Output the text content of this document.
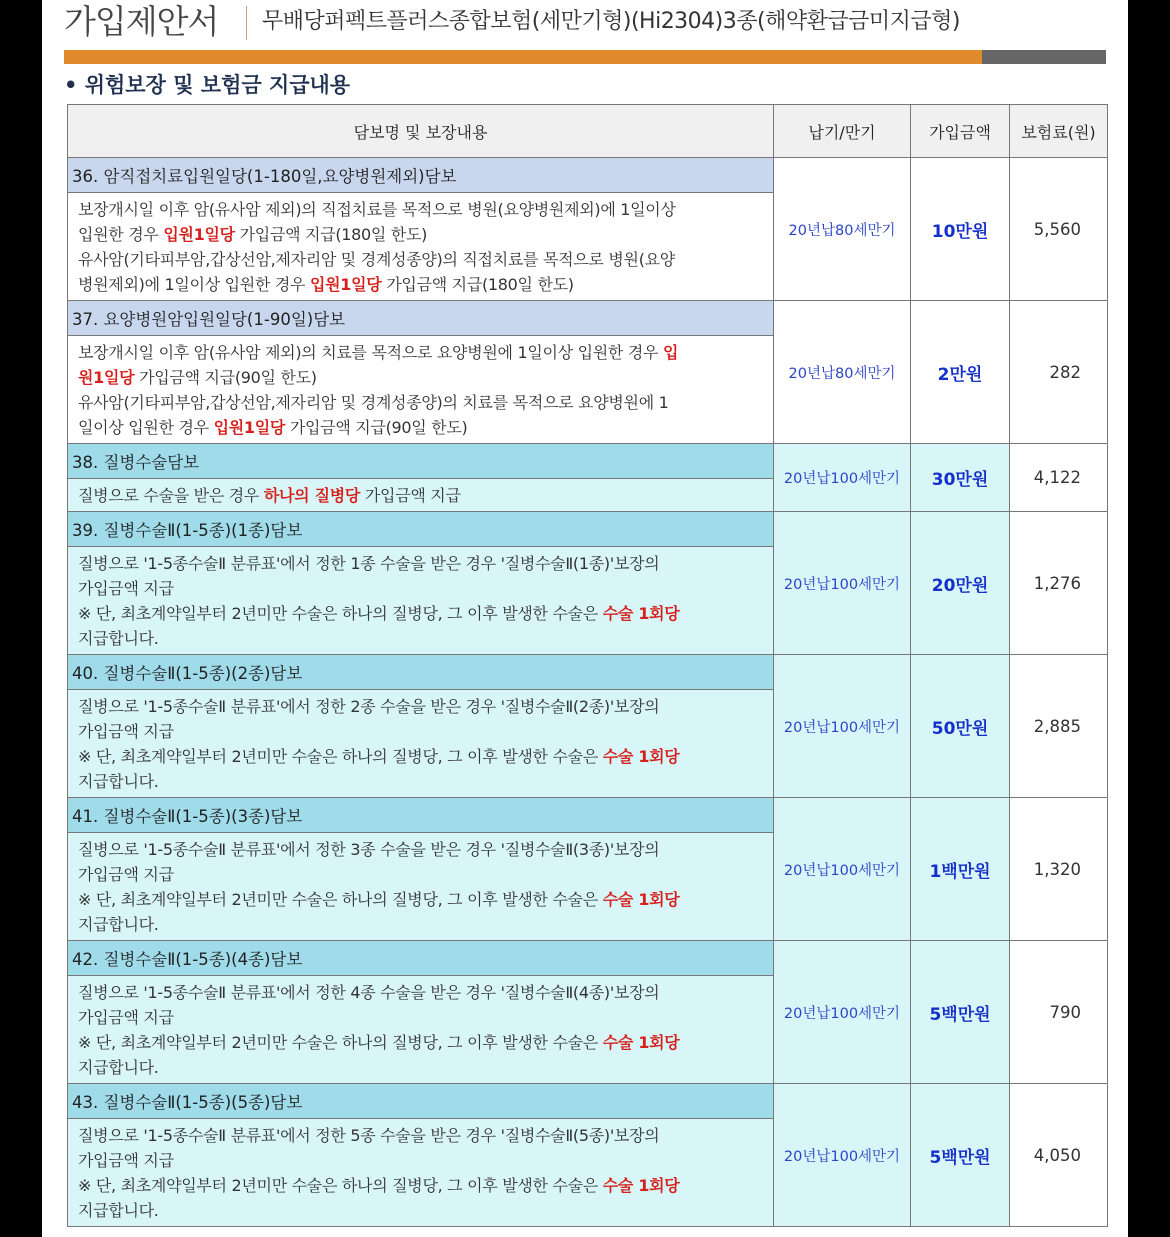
가입제안서 무배당퍼펙트플러스종합보험(세만기형)(Hi2304)3종(해약환급금미지급형)
• 위험보장 및 보험금 지급내용
담보명 및 보장내용	납기/만기	가입금액	보험료(원)
36. 암직접치료입원일당(1-180일,요양병원제외)담보	20년납80세만기	10만원	5,560

보장개시일 이후 암(유사암 제외)의 직접치료를 목적으로 병원(요양병원제외)에 1일이상
입원한 경우 입원1일당 가입금액 지급(180일 한도)
유사암(기타피부암,갑상선암,제자리암 및 경계성종양)의 직접치료를 목적으로 병원(요양
병원제외)에 1일이상 입원한 경우 입원1일당 가입금액 지급(180일 한도)			
37. 요양병원암입원일당(1-90일)담보	20년납80세만기	2만원	282
보장개시일 이후 암(유사암 제외)의 치료를 목적으로 요양병원에 1일이상 입원한 경우 입
원1일당 가입금액 지급(90일 한도)
유사암(기타피부암,갑상선암,제자리암 및 경계성종양)의 치료를 목적으로 요양병원에 1
일이상 입원한 경우 입원1일당 가입금액 지급(90일 한도)			
38. 질병수술담보	20년납100세만기	30만원	4,122
질병으로 수술을 받은 경우 하나의 질병당 가입금액 지급			
39. 질병수술Ⅱ(1-5종)(1종)담보	20년납100세만기	20만원	1,276

질병으로 '1-5종수술Ⅱ 분류표'에서 정한 1종 수술을 받은 경우 '질병수술Ⅱ(1종)'보장의
가입금액 지급
※ 단, 최초계약일부터 2년미만 수술은 하나의 질병당, 그 이후 발생한 수술은 수술 1회당
지급합니다.			

40. 질병수술Ⅱ(1-5종)(2종)담보	20년납100세만기	50만원	2,885

질병으로 '1-5종수술Ⅱ 분류표'에서 정한 2종 수술을 받은 경우 '질병수술Ⅱ(2종)'보장의
가입금액 지급
※ 단, 최초계약일부터 2년미만 수술은 하나의 질병당, 그 이후 발생한 수술은 수술 1회당
지급합니다.			

41. 질병수술Ⅱ(1-5종)(3종)담보	20년납100세만기	1백만원	1,320

질병으로 '1-5종수술Ⅱ 분류표'에서 정한 3종 수술을 받은 경우 '질병수술Ⅱ(3종)'보장의
가입금액 지급
※ 단, 최초계약일부터 2년미만 수술은 하나의 질병당, 그 이후 발생한 수술은 수술 1회당
지급합니다.			

42. 질병수술Ⅱ(1-5종)(4종)담보	20년납100세만기	5백만원	790

질병으로 '1-5종수술Ⅱ 분류표'에서 정한 4종 수술을 받은 경우 '질병수술Ⅱ(4종)'보장의
가입금액 지급
※ 단, 최초계약일부터 2년미만 수술은 하나의 질병당, 그 이후 발생한 수술은 수술 1회당
지급합니다.			

43. 질병수술Ⅱ(1-5종)(5종)담보	20년납100세만기	5백만원	4,050

질병으로 '1-5종수술Ⅱ 분류표'에서 정한 5종 수술을 받은 경우 '질병수술Ⅱ(5종)'보장의
가입금액 지급
※ 단, 최초계약일부터 2년미만 수술은 하나의 질병당, 그 이후 발생한 수술은 수술 1회당
지급합니다.			
